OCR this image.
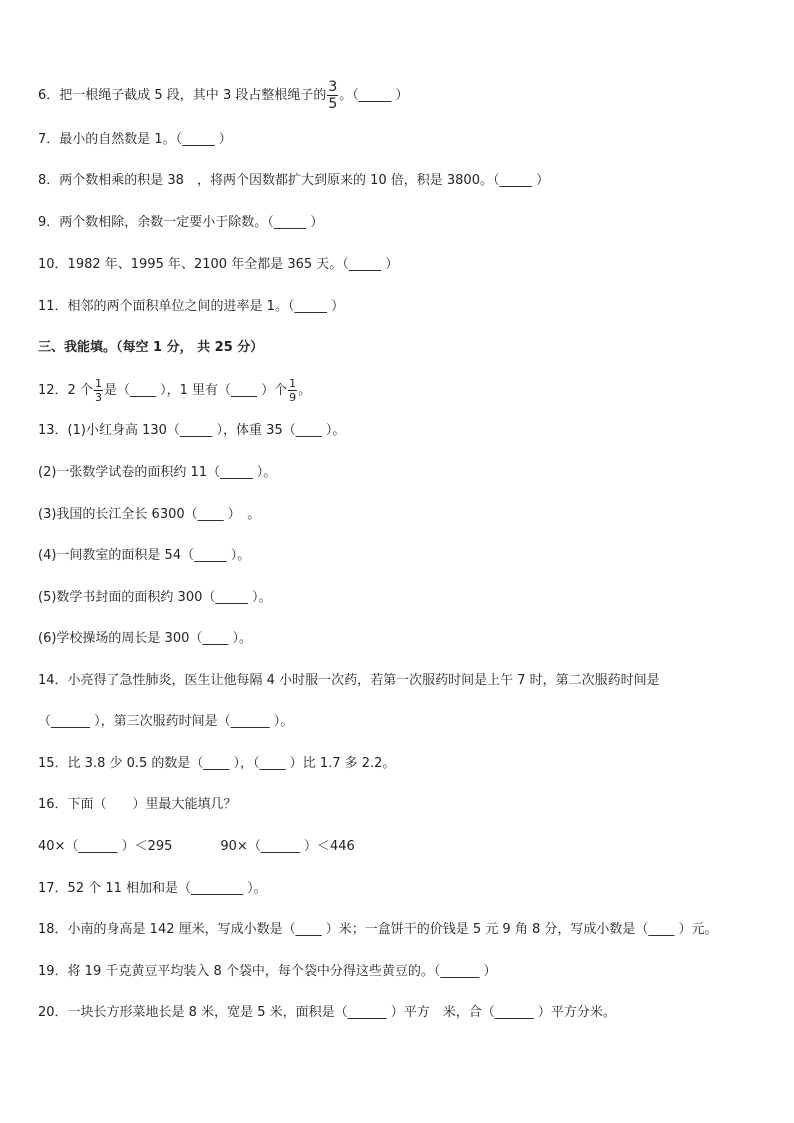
6．把一根绳子截成 5 段，其中 3 段占整根绳子的 $\frac{3}{5}$ 。（_____ ）
7．最小的自然数是 1。（_____ ）
8．两个数相乘的积是 38　，将两个因数都扩大到原来的 10 倍，积是 3800。（_____ ）
9．两个数相除，余数一定要小于除数。（_____ ）
10．1982 年、1995 年、2100 年全都是 365 天。（_____ ）
11．相邻的两个面积单位之间的进率是 1。（_____ ）
三、我能填。（每空 1 分， 共 25 分）
12．2 个 $\frac{1}{3}$ 是（____ ），1 里有（____ ）个 $\frac{1}{9}$ 。
13．(1)小红身高 130（_____ ），体重 35（____ ）。
(2)一张数学试卷的面积约 11（_____ ）。
(3)我国的长江全长 6300（____ ）　。
(4)一间教室的面积是 54（_____ ）。
(5)数学书封面的面积约 300（_____ ）。
(6)学校操场的周长是 300（____ ）。
14．小亮得了急性肺炎，医生让他每隔 4 小时服一次药，若第一次服药时间是上午 7 时，第二次服药时间是
（______ ），第三次服药时间是（______ ）。
15．比 3.8 少 0.5 的数是（____ ），（____ ）比 1.7 多 2.2。
16．下面（　　）里最大能填几？
40×（______ ）＜295	90×（______ ）＜446
17．52 个 11 相加和是（________ ）。
18．小南的身高是 142 厘米，写成小数是（____ ）米；一盒饼干的价钱是 5 元 9 角 8 分，写成小数是（____ ）元。
19．将 19 千克黄豆平均装入 8 个袋中，每个袋中分得这些黄豆的。（______ ）
20．一块长方形菜地长是 8 米，宽是 5 米，面积是（______ ）平方　米，合（______ ）平方分米。
